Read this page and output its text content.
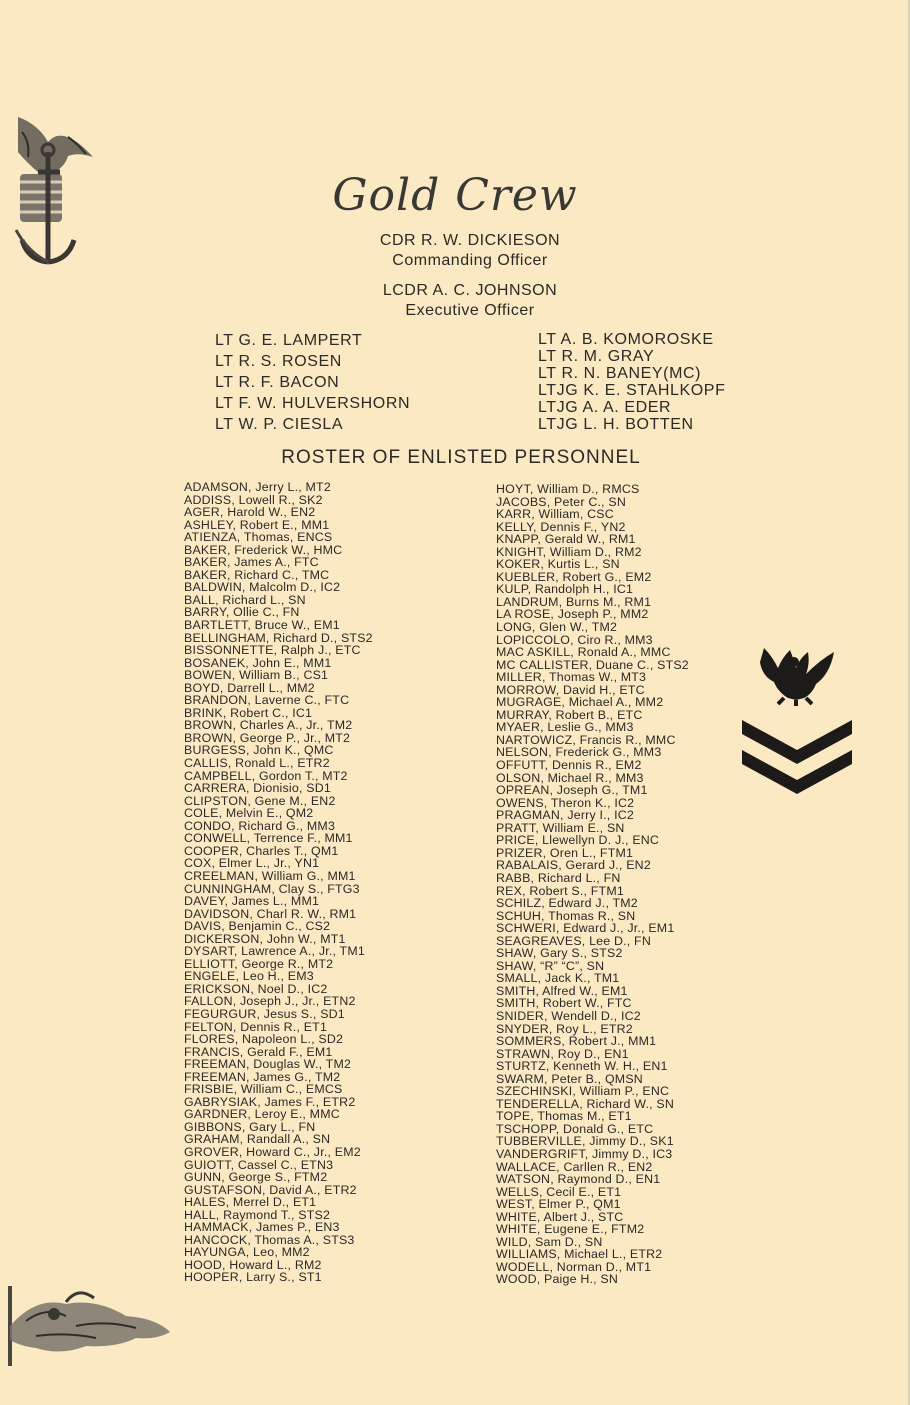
Gold Crew
CDR R. W. DICKIESON
Commanding Officer
LCDR A. C. JOHNSON
Executive Officer
LT G. E. LAMPERT
LT R. S. ROSEN
LT R. F. BACON
LT F. W. HULVERSHORN
LT W. P. CIESLA
LT A. B. KOMOROSKE
LT R. M. GRAY
LT R. N. BANEY(MC)
LTJG K. E. STAHLKOPF
LTJG A. A. EDER
LTJG L. H. BOTTEN
ROSTER OF ENLISTED PERSONNEL
ADAMSON, Jerry L., MT2
ADDISS, Lowell R., SK2
AGER, Harold W., EN2
ASHLEY, Robert E., MM1
ATIENZA, Thomas, ENCS
BAKER, Frederick W., HMC
BAKER, James A., FTC
BAKER, Richard C., TMC
BALDWIN, Malcolm D., IC2
BALL, Richard L., SN
BARRY, Ollie C., FN
BARTLETT, Bruce W., EM1
BELLINGHAM, Richard D., STS2
BISSONNETTE, Ralph J., ETC
BOSANEK, John E., MM1
BOWEN, William B., CS1
BOYD, Darrell L., MM2
BRANDON, Laverne C., FTC
BRINK, Robert C., IC1
BROWN, Charles A., Jr., TM2
BROWN, George P., Jr., MT2
BURGESS, John K., QMC
CALLIS, Ronald L., ETR2
CAMPBELL, Gordon T., MT2
CARRERA, Dionisio, SD1
CLIPSTON, Gene M., EN2
COLE, Melvin E., QM2
CONDO, Richard G., MM3
CONWELL, Terrence F., MM1
COOPER, Charles T., QM1
COX, Elmer L., Jr., YN1
CREELMAN, William G., MM1
CUNNINGHAM, Clay S., FTG3
DAVEY, James L., MM1
DAVIDSON, Charl R. W., RM1
DAVIS, Benjamin C., CS2
DICKERSON, John W., MT1
DYSART, Lawrence A., Jr., TM1
ELLIOTT, George R., MT2
ENGELE, Leo H., EM3
ERICKSON, Noel D., IC2
FALLON, Joseph J., Jr., ETN2
FEGURGUR, Jesus S., SD1
FELTON, Dennis R., ET1
FLORES, Napoleon L., SD2
FRANCIS, Gerald F., EM1
FREEMAN, Douglas W., TM2
FREEMAN, James G., TM2
FRISBIE, William C., EMCS
GABRYSIAK, James F., ETR2
GARDNER, Leroy E., MMC
GIBBONS, Gary L., FN
GRAHAM, Randall A., SN
GROVER, Howard C., Jr., EM2
GUIOTT, Cassel C., ETN3
GUNN, George S., FTM2
GUSTAFSON, David A., ETR2
HALES, Merrel D., ET1
HALL, Raymond T., STS2
HAMMACK, James P., EN3
HANCOCK, Thomas A., STS3
HAYUNGA, Leo, MM2
HOOD, Howard L., RM2
HOOPER, Larry S., ST1
HOYT, William D., RMCS
JACOBS, Peter C., SN
KARR, William, CSC
KELLY, Dennis F., YN2
KNAPP, Gerald W., RM1
KNIGHT, William D., RM2
KOKER, Kurtis L., SN
KUEBLER, Robert G., EM2
KULP, Randolph H., IC1
LANDRUM, Burns M., RM1
LA ROSE, Joseph P., MM2
LONG, Glen W., TM2
LOPICCOLO, Ciro R., MM3
MAC ASKILL, Ronald A., MMC
MC CALLISTER, Duane C., STS2
MILLER, Thomas W., MT3
MORROW, David H., ETC
MUGRAGE, Michael A., MM2
MURRAY, Robert B., ETC
MYAER, Leslie G., MM3
NARTOWICZ, Francis R., MMC
NELSON, Frederick G., MM3
OFFUTT, Dennis R., EM2
OLSON, Michael R., MM3
OPREAN, Joseph G., TM1
OWENS, Theron K., IC2
PRAGMAN, Jerry I., IC2
PRATT, William E., SN
PRICE, Llewellyn D. J., ENC
PRIZER, Oren L., FTM1
RABALAIS, Gerard J., EN2
RABB, Richard L., FN
REX, Robert S., FTM1
SCHILZ, Edward J., TM2
SCHUH, Thomas R., SN
SCHWERI, Edward J., Jr., EM1
SEAGREAVES, Lee D., FN
SHAW, Gary S., STS2
SHAW, “R” “C”, SN
SMALL, Jack K., TM1
SMITH, Alfred W., EM1
SMITH, Robert W., FTC
SNIDER, Wendell D., IC2
SNYDER, Roy L., ETR2
SOMMERS, Robert J., MM1
STRAWN, Roy D., EN1
STURTZ, Kenneth W. H., EN1
SWARM, Peter B., QMSN
SZECHINSKI, William P., ENC
TENDERELLA, Richard W., SN
TOPE, Thomas M., ET1
TSCHOPP, Donald G., ETC
TUBBERVILLE, Jimmy D., SK1
VANDERGRIFT, Jimmy D., IC3
WALLACE, Carllen R., EN2
WATSON, Raymond D., EN1
WELLS, Cecil E., ET1
WEST, Elmer P., QM1
WHITE, Albert J., STC
WHITE, Eugene E., FTM2
WILD, Sam D., SN
WILLIAMS, Michael L., ETR2
WODELL, Norman D., MT1
WOOD, Paige H., SN
